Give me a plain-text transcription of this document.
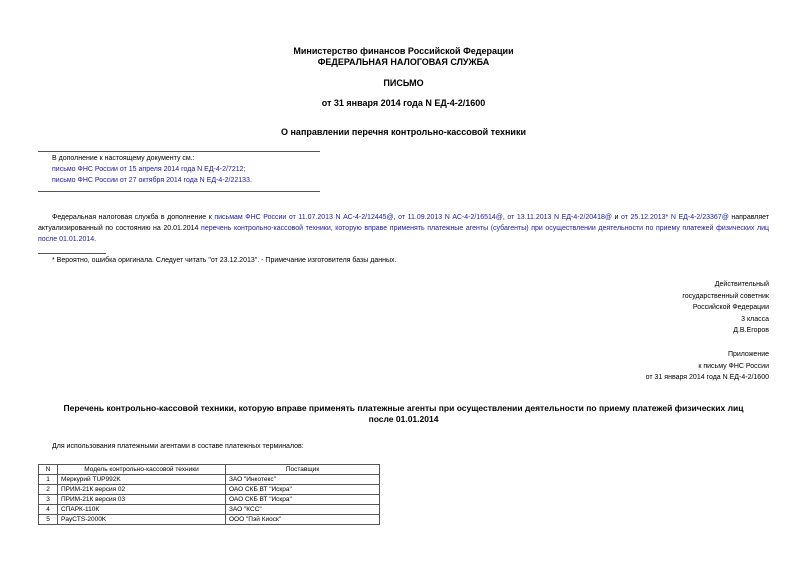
Министерство финансов Российской Федерации
ФЕДЕРАЛЬНАЯ НАЛОГОВАЯ СЛУЖБА
ПИСЬМО
от 31 января 2014 года N ЕД-4-2/1600
О направлении перечня контрольно-кассовой техники
В дополнение к настоящему документу см.:
письмо ФНС России от 15 апреля 2014 года N ЕД-4-2/7212;
письмо ФНС России от 27 октября 2014 года N ЕД-4-2/22133.
Федеральная налоговая служба в дополнение к письмам ФНС России от 11.07.2013 N АС-4-2/12445@, от 11.09.2013 N АС-4-2/16514@, от 13.11.2013 N ЕД-4-2/20418@ и от 25.12.2013* N ЕД-4-2/23367@ направляет актуализированный по состоянию на 20.01.2014 перечень контрольно-кассовой техники, которую вправе применять платежные агенты (субагенты) при осуществлении деятельности по приему платежей физических лиц после 01.01.2014.
* Вероятно, ошибка оригинала. Следует читать "от 23.12.2013". - Примечание изготовителя базы данных.
Действительный
государственный советник
Российской Федерации
3 класса
Д.В.Егоров
Приложение
к письму ФНС России
от 31 января 2014 года N ЕД-4-2/1600
Перечень контрольно-кассовой техники, которую вправе применять платежные агенты при осуществлении деятельности по приему платежей физических лиц
после 01.01.2014
Для использования платежными агентами в составе платежных терминалов:
N	Модель контрольно-кассовой техники	Поставщик
1	Меркурий TUP992K	ЗАО "Инкотекс"
2	ПРИМ-21К версия 02	ОАО СКБ ВТ "Искра"
3	ПРИМ-21К версия 03	ОАО СКБ ВТ "Искра"
4	СПАРК-110К	ЗАО "КСС"
5	PayCTS-2000K	ООО "Пэй Киоск"
